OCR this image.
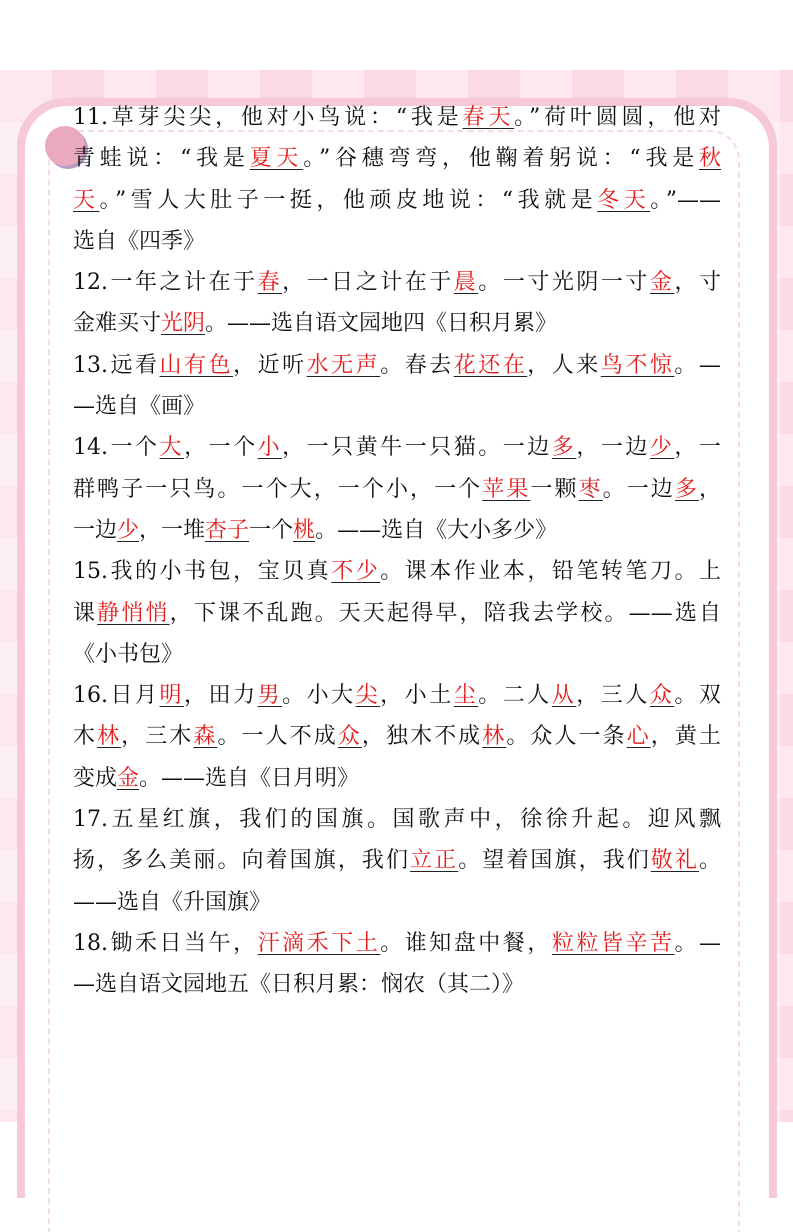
11.草芽尖尖，他对小鸟说：“我是春天。”荷叶圆圆，他对
青蛙说：“我是夏天。”谷穗弯弯，他鞠着躬说：“我是秋
天。”雪人大肚子一挺，他顽皮地说：“我就是冬天。”——
选自《四季》
12.一年之计在于春，一日之计在于晨。一寸光阴一寸金，寸
金难买寸光阴。——选自语文园地四《日积月累》
13.远看山有色，近听水无声。春去花还在，人来鸟不惊。—
—选自《画》
14.一个大，一个小，一只黄牛一只猫。一边多，一边少，一
群鸭子一只鸟。一个大，一个小，一个苹果一颗枣。一边多，
一边少，一堆杏子一个桃。——选自《大小多少》
15.我的小书包，宝贝真不少。课本作业本，铅笔转笔刀。上
课静悄悄，下课不乱跑。天天起得早，陪我去学校。——选自
《小书包》
16.日月明，田力男。小大尖，小土尘。二人从，三人众。双
木林，三木森。一人不成众，独木不成林。众人一条心，黄土
变成金。——选自《日月明》
17.五星红旗，我们的国旗。国歌声中，徐徐升起。迎风飘
扬，多么美丽。向着国旗，我们立正。望着国旗，我们敬礼。
——选自《升国旗》
18.锄禾日当午，汗滴禾下土。谁知盘中餐，粒粒皆辛苦。—
—选自语文园地五《日积月累：悯农（其二）》
